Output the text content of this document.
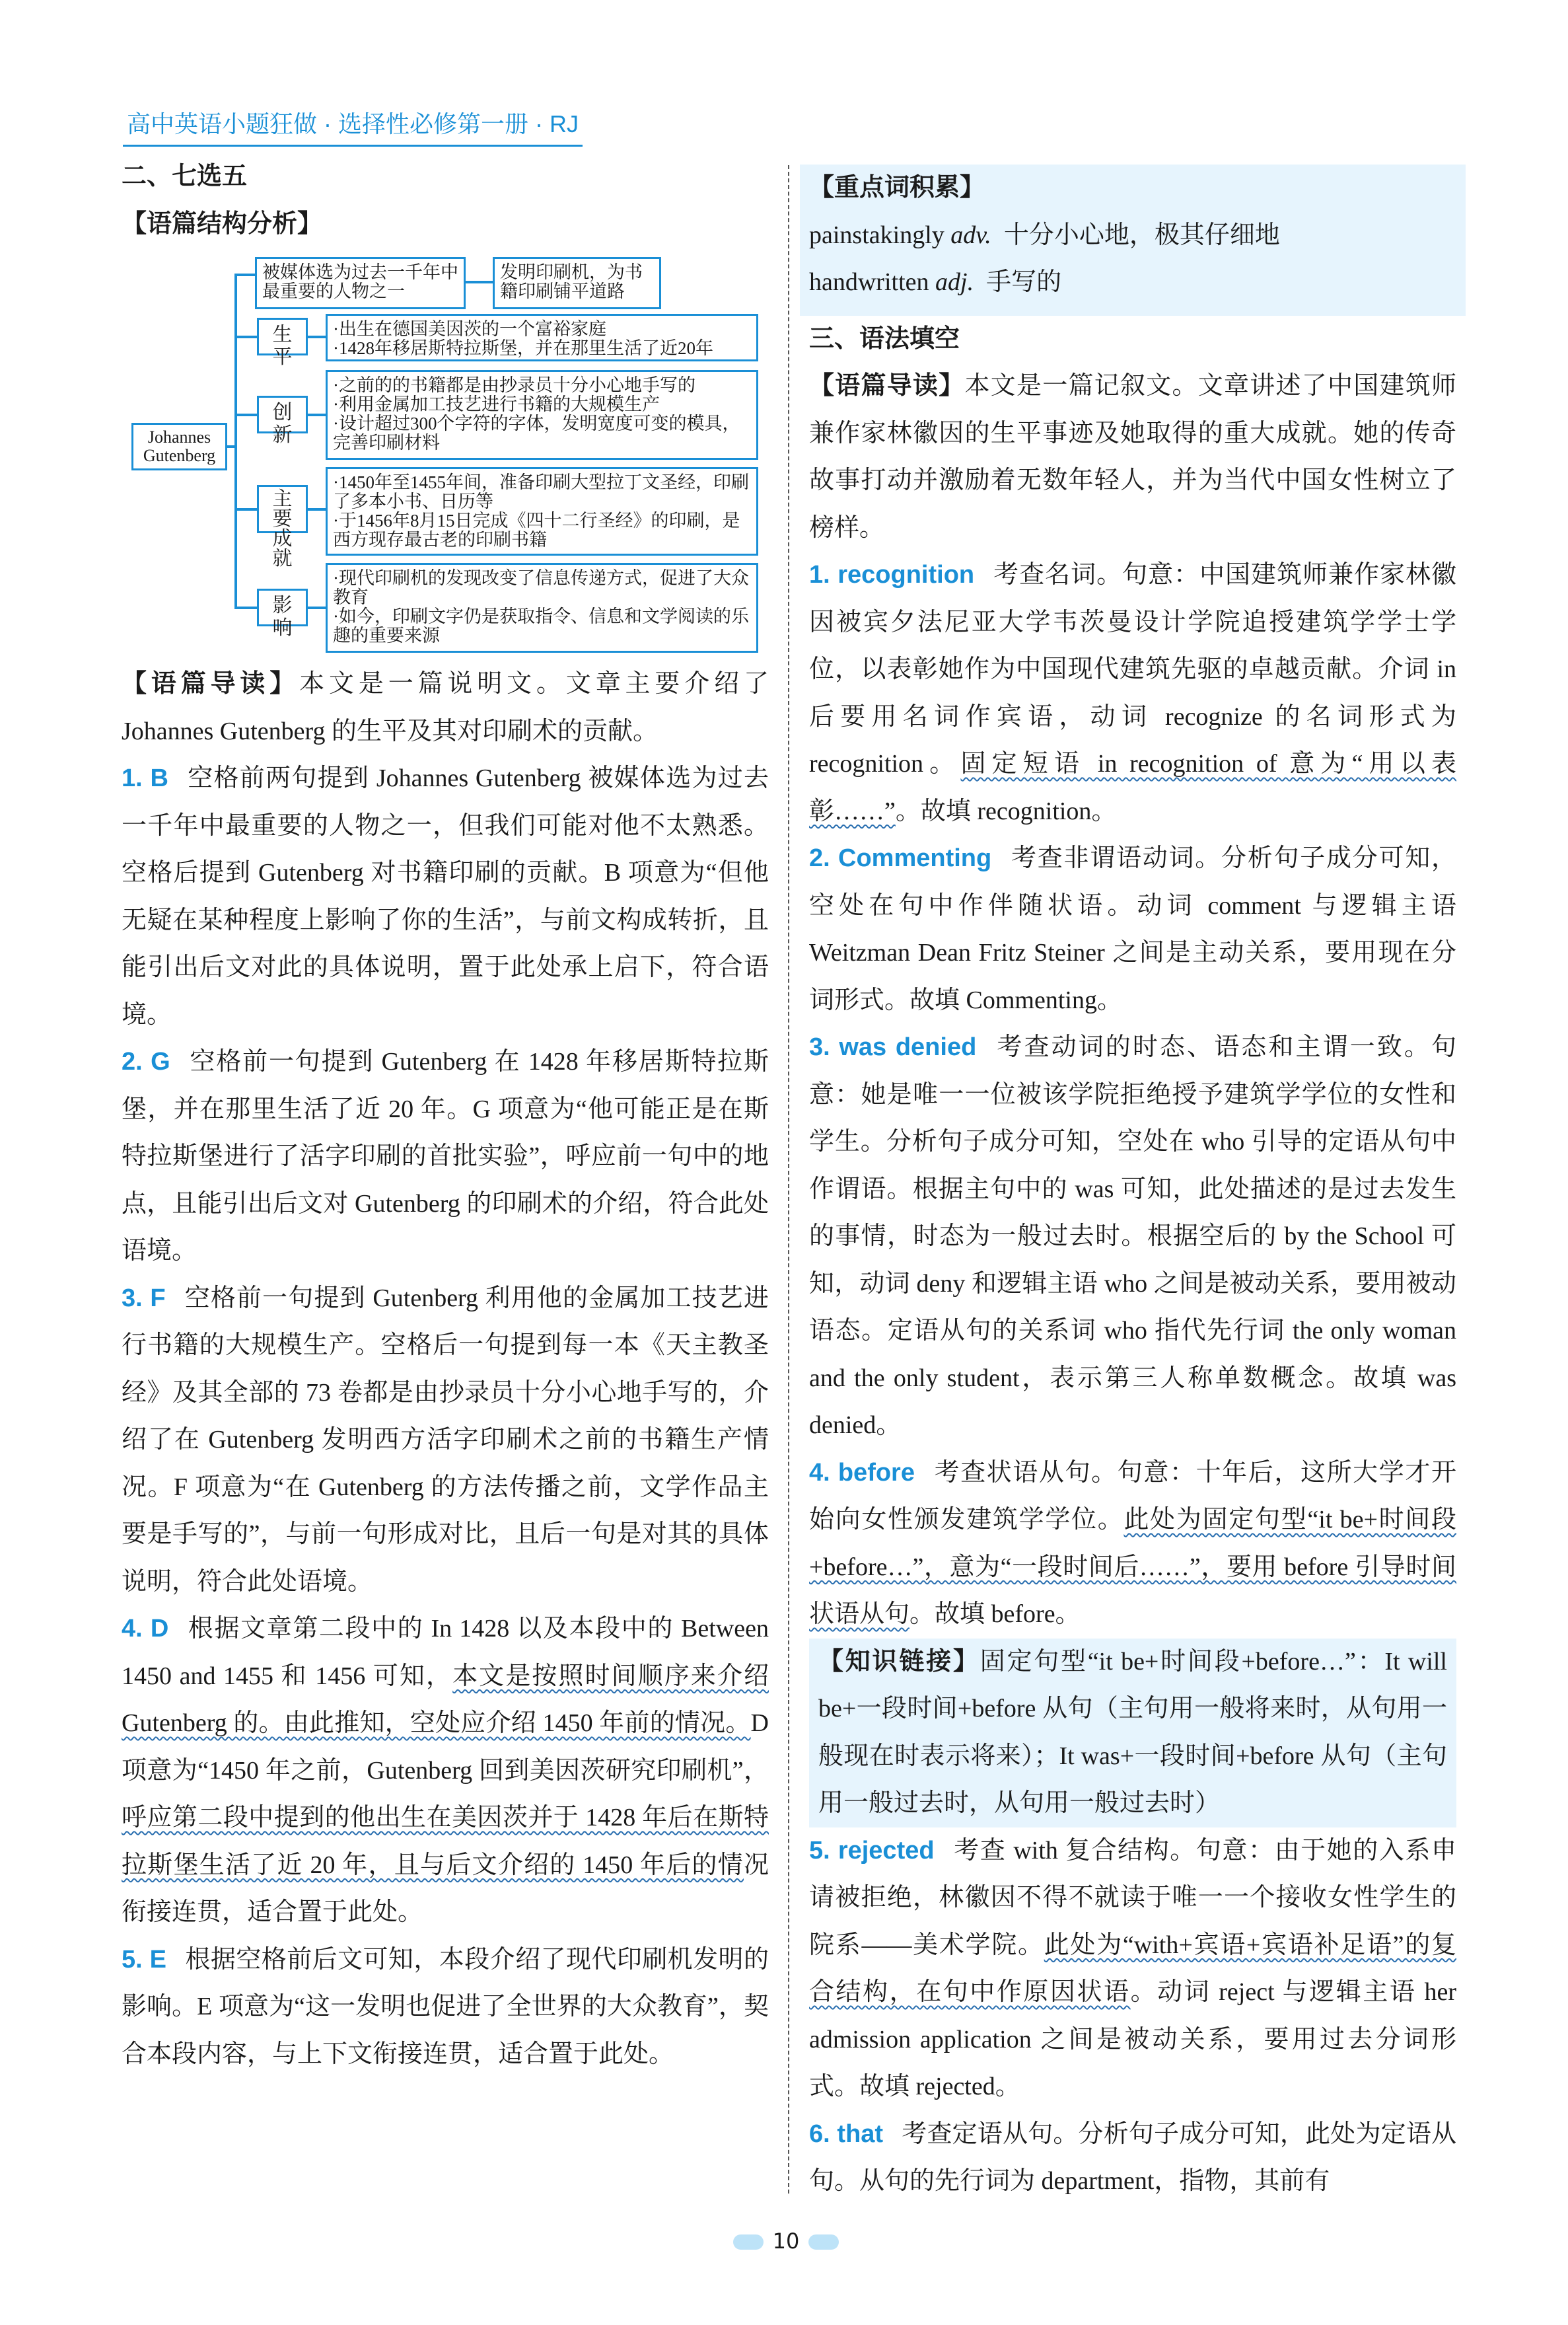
高中英语小题狂做 · 选择性必修第一册 · RJ

二、七选五

【语篇结构分析】

Johannes Gutenberg
被媒体选为过去一千年中最重要的人物之一
发明印刷机，为书籍印刷铺平道路
生平
创新
主要成就
影响
·出生在德国美因茨的一个富裕家庭
·1428年移居斯特拉斯堡，并在那里生活了近20年
·之前的的书籍都是由抄录员十分小心地手写的
·利用金属加工技艺进行书籍的大规模生产
·设计超过300个字符的字体，发明宽度可变的模具，完善印刷材料
·1450年至1455年间，准备印刷大型拉丁文圣经，印刷了多本小书、日历等
·于1456年8月15日完成《四十二行圣经》的印刷，是西方现存最古老的印刷书籍
·现代印刷机的发现改变了信息传递方式，促进了大众教育
·如今，印刷文字仍是获取指令、信息和文学阅读的乐趣的重要来源

【语篇导读】本文是一篇说明文。文章主要介绍了 Johannes Gutenberg 的生平及其对印刷术的贡献。

1. B 空格前两句提到 Johannes Gutenberg 被媒体选为过去一千年中最重要的人物之一，但我们可能对他不太熟悉。空格后提到 Gutenberg 对书籍印刷的贡献。B 项意为“但他无疑在某种程度上影响了你的生活”，与前文构成转折，且能引出后文对此的具体说明，置于此处承上启下，符合语境。

2. G 空格前一句提到 Gutenberg 在 1428 年移居斯特拉斯堡，并在那里生活了近 20 年。G 项意为“他可能正是在斯特拉斯堡进行了活字印刷的首批实验”，呼应前一句中的地点，且能引出后文对 Gutenberg 的印刷术的介绍，符合此处语境。

3. F 空格前一句提到 Gutenberg 利用他的金属加工技艺进行书籍的大规模生产。空格后一句提到每一本《天主教圣经》及其全部的 73 卷都是由抄录员十分小心地手写的，介绍了在 Gutenberg 发明西方活字印刷术之前的书籍生产情况。F 项意为“在 Gutenberg 的方法传播之前，文学作品主要是手写的”，与前一句形成对比，且后一句是对其的具体说明，符合此处语境。

4. D 根据文章第二段中的 In 1428 以及本段中的 Between 1450 and 1455 和 1456 可知，本文是按照时间顺序来介绍 Gutenberg 的。由此推知，空处应介绍 1450 年前的情况。D 项意为“1450 年之前，Gutenberg 回到美因茨研究印刷机”，呼应第二段中提到的他出生在美因茨并于 1428 年后在斯特拉斯堡生活了近 20 年，且与后文介绍的 1450 年后的情况衔接连贯，适合置于此处。

5. E 根据空格前后文可知，本段介绍了现代印刷机发明的影响。E 项意为“这一发明也促进了全世界的大众教育”，契合本段内容，与上下文衔接连贯，适合置于此处。

【重点词积累】

painstakingly adv. 十分小心地，极其仔细地

handwritten adj. 手写的

三、语法填空

【语篇导读】本文是一篇记叙文。文章讲述了中国建筑师兼作家林徽因的生平事迹及她取得的重大成就。她的传奇故事打动并激励着无数年轻人，并为当代中国女性树立了榜样。

1. recognition 考查名词。句意：中国建筑师兼作家林徽因被宾夕法尼亚大学韦茨曼设计学院追授建筑学学士学位，以表彰她作为中国现代建筑先驱的卓越贡献。介词 in 后要用名词作宾语，动词 recognize 的名词形式为 recognition。固定短语 in recognition of 意为“用以表彰……”。故填 recognition。

2. Commenting 考查非谓语动词。分析句子成分可知，空处在句中作伴随状语。动词 comment 与逻辑主语 Weitzman Dean Fritz Steiner 之间是主动关系，要用现在分词形式。故填 Commenting。

3. was denied 考查动词的时态、语态和主谓一致。句意：她是唯一一位被该学院拒绝授予建筑学学位的女性和学生。分析句子成分可知，空处在 who 引导的定语从句中作谓语。根据主句中的 was 可知，此处描述的是过去发生的事情，时态为一般过去时。根据空后的 by the School 可知，动词 deny 和逻辑主语 who 之间是被动关系，要用被动语态。定语从句的关系词 who 指代先行词 the only woman and the only student，表示第三人称单数概念。故填 was denied。

4. before 考查状语从句。句意：十年后，这所大学才开始向女性颁发建筑学学位。此处为固定句型“it be+时间段+before…”，意为“一段时间后……”，要用 before 引导时间状语从句。故填 before。

【知识链接】固定句型“it be+时间段+before…”：It will be+一段时间+before 从句（主句用一般将来时，从句用一般现在时表示将来）；It was+一段时间+before 从句（主句用一般过去时，从句用一般过去时）

5. rejected 考查 with 复合结构。句意：由于她的入系申请被拒绝，林徽因不得不就读于唯一一个接收女性学生的院系——美术学院。此处为“with+宾语+宾语补足语”的复合结构，在句中作原因状语。动词 reject 与逻辑主语 her admission application 之间是被动关系，要用过去分词形式。故填 rejected。

6. that 考查定语从句。分析句子成分可知，此处为定语从句。从句的先行词为 department，指物，其前有

10
